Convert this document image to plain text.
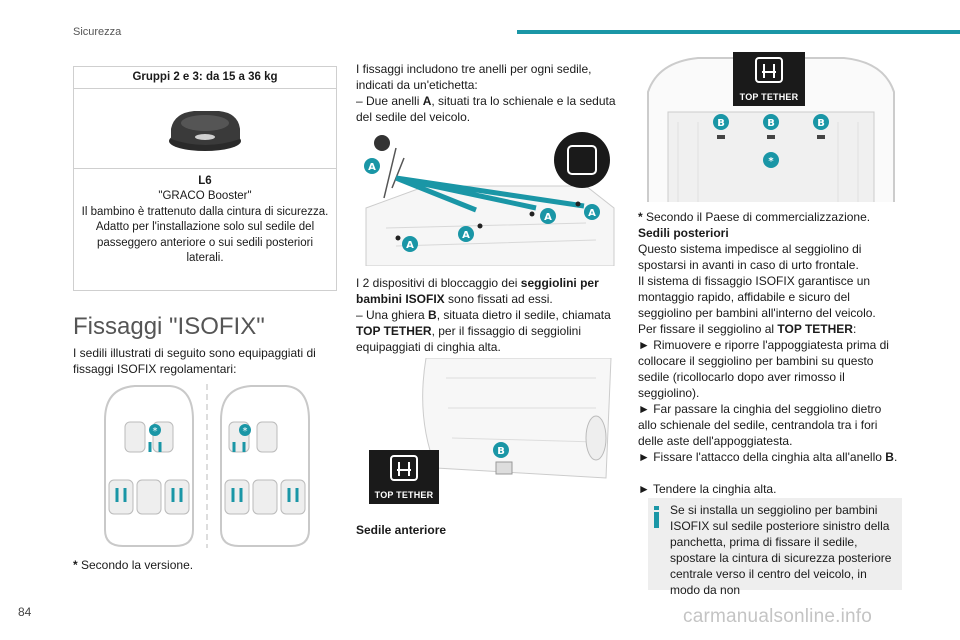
Sicurezza
Gruppi 2 e 3: da 15 a 36 kg
L6
"GRACO Booster"
Il bambino è trattenuto dalla cintura di sicurezza.
Adatto per l'installazione solo sul sedile del passeggero anteriore o sui sedili posteriori laterali.
Fissaggi "ISOFIX"
I sedili illustrati di seguito sono equipaggiati di fissaggi ISOFIX regolamentari:
*	*
* Secondo la versione.
I fissaggi includono tre anelli per ogni sedile, indicati da un'etichetta:
– Due anelli A, situati tra lo schienale e la seduta del sedile del veicolo.
A
A
A
A	A
I 2 dispositivi di bloccaggio dei seggiolini per bambini ISOFIX sono fissati ad essi.
– Una ghiera B, situata dietro il sedile, chiamata TOP TETHER, per il fissaggio di seggiolini equipaggiati di cinghia alta.
B
TOP TETHER
Sedile anteriore
B	B	B
*
TOP TETHER
* Secondo il Paese di commercializzazione.
Sedili posteriori
Questo sistema impedisce al seggiolino di spostarsi in avanti in caso di urto frontale.
Il sistema di fissaggio ISOFIX garantisce un montaggio rapido, affidabile e sicuro del seggiolino per bambini all'interno del veicolo.
Per fissare il seggiolino al TOP TETHER:
► Rimuovere e riporre l'appoggiatesta prima di collocare il seggiolino per bambini su questo sedile (ricollocarlo dopo aver rimosso il seggiolino).
► Far passare la cinghia del seggiolino dietro allo schienale del sedile, centrandola tra i fori delle aste dell'appoggiatesta.
► Fissare l'attacco della cinghia alta all'anello B.
► Tendere la cinghia alta.
Se si installa un seggiolino per bambini ISOFIX sul sedile posteriore sinistro della panchetta, prima di fissare il sedile, spostare la cintura di sicurezza posteriore centrale verso il centro del veicolo, in modo da non
84	carmanualsonline.info
